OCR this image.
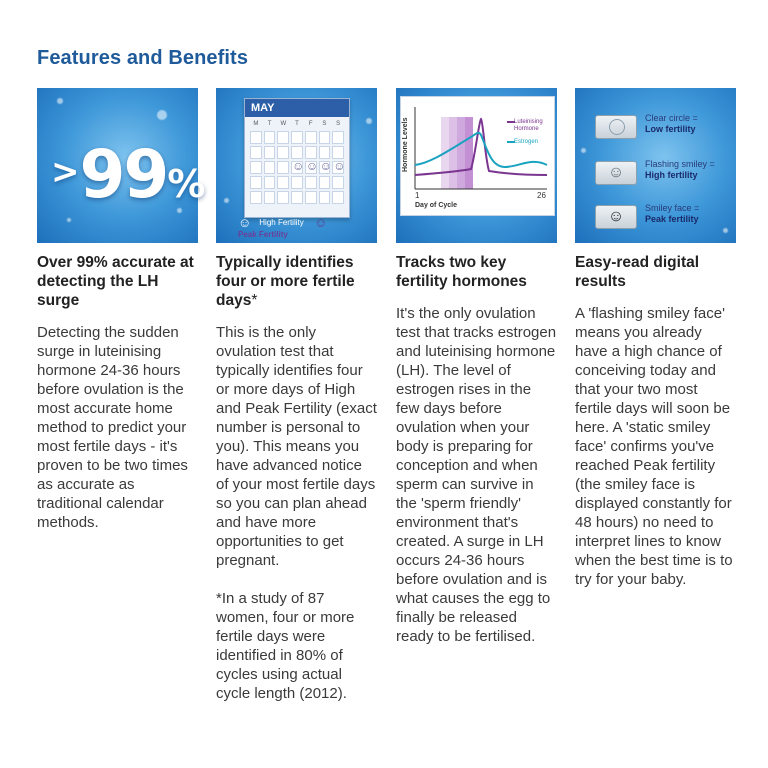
Features and Benefits
>99%
Over 99% accurate at detecting the LH surge

Detecting the sudden surge in luteinising hormone 24-36 hours before ovulation is the most accurate home method to predict your most fertile days - it's proven to be two times as accurate as traditional calendar methods.

MAY
M	T	W	T	F	S	S
☺
☺
☺
☺
☺ High Fertility ☺Peak Fertility
Typically identifies four or more fertile days*

This is the only ovulation test that typically identifies four or more days of High and Peak Fertility (exact number is personal to you). This means you have advanced notice of your most fertile days so you can plan ahead and have more opportunities to get pregnant.

*In a study of 87 women, four or more fertile days were identified in 80% of cycles using actual cycle length (2012).

Hormone Levels
1	26
Day of Cycle
Luteinising Hormone
Estrogen
Tracks two key fertility hormones

It's the only ovulation test that tracks estrogen and luteinising hormone (LH). The level of estrogen rises in the few days before ovulation when your body is preparing for conception and when sperm can survive in the 'sperm friendly' environment that's created. A surge in LH occurs 24-36 hours before ovulation and is what causes the egg to finally be released ready to be fertilised.

Clear circle =
Low fertility
☺	Flashing smiley =
High fertility
☺	Smiley face =
Peak fertility
Easy-read digital results

A 'flashing smiley face' means you already have a high chance of conceiving today and that your two most fertile days will soon be here. A 'static smiley face' confirms you've reached Peak fertility (the smiley face is displayed constantly for 48 hours) no need to interpret lines to know when the best time is to try for your baby.
